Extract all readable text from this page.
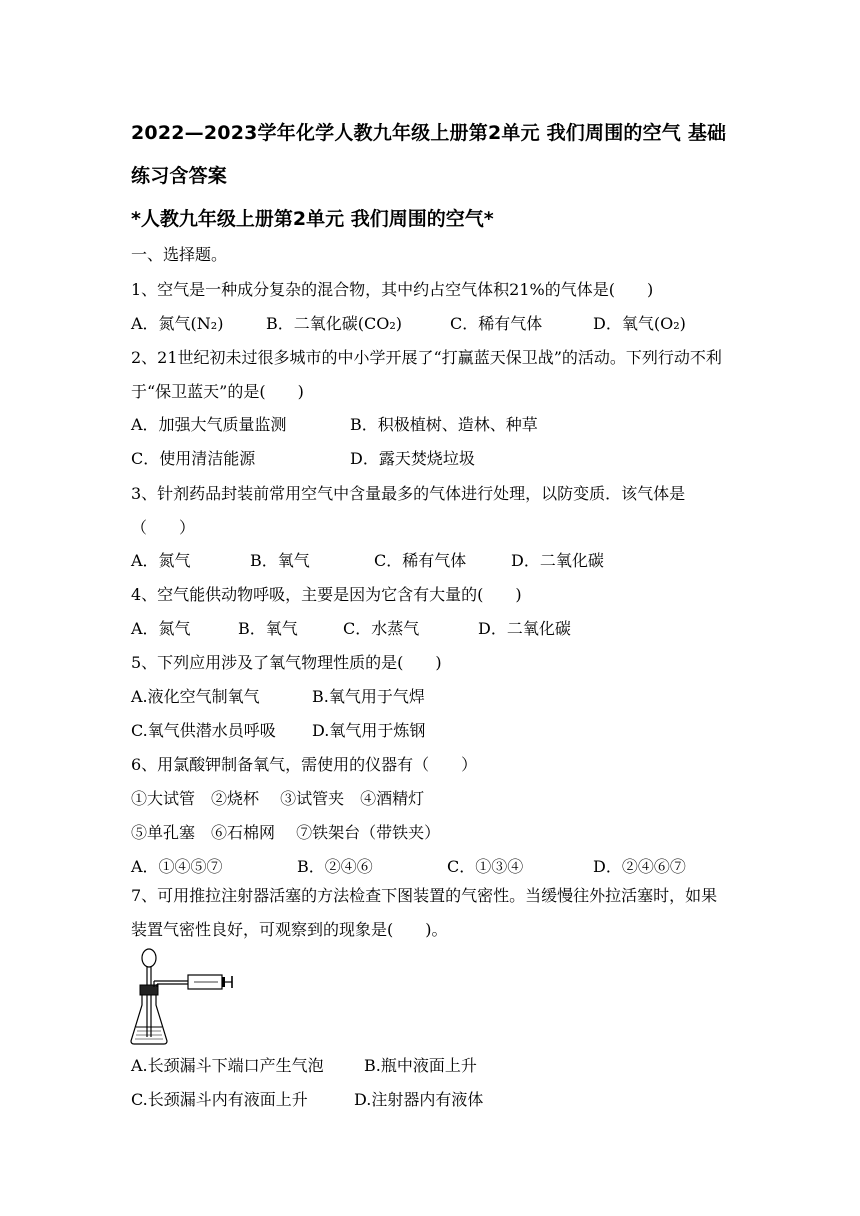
2022—2023学年化学人教九年级上册第2单元 我们周围的空气 基础练习含答案
*人教九年级上册第2单元 我们周围的空气*
一、选择题。
1、空气是一种成分复杂的混合物，其中约占空气体积21%的气体是(　　)
A．氮气(N₂)	B．二氧化碳(CO₂)	C．稀有气体	D．氧气(O₂)
2、21世纪初未过很多城市的中小学开展了“打赢蓝天保卫战”的活动。下列行动不利于“保卫蓝天”的是(　　)
A．加强大气质量监测	B．积极植树、造林、种草
C．使用清洁能源	D．露天焚烧垃圾
3、针剂药品封装前常用空气中含量最多的气体进行处理，以防变质．该气体是（　　）
A．氮气	B．氧气	C．稀有气体	D．二氧化碳
4、空气能供动物呼吸，主要是因为它含有大量的(　　)
A．氮气	B．氧气	C．水蒸气	D．二氧化碳
5、下列应用涉及了氧气物理性质的是(　　)
A.液化空气制氧气	B.氧气用于气焊
C.氧气供潜水员呼吸 D.氧气用于炼钢
6、用氯酸钾制备氧气，需使用的仪器有（　　）
①大试管　②烧杯　 ③试管夹　④酒精灯
⑤单孔塞　⑥石棉网　 ⑦铁架台（带铁夹）
A．①④⑤⑦	B．②④⑥	C．①③④	D．②④⑥⑦
7、可用推拉注射器活塞的方法检查下图装置的气密性。当缓慢往外拉活塞时，如果装置气密性良好，可观察到的现象是(　　)。
A.长颈漏斗下端口产生气泡	B.瓶中液面上升
C.长颈漏斗内有液面上升	D.注射器内有液体
